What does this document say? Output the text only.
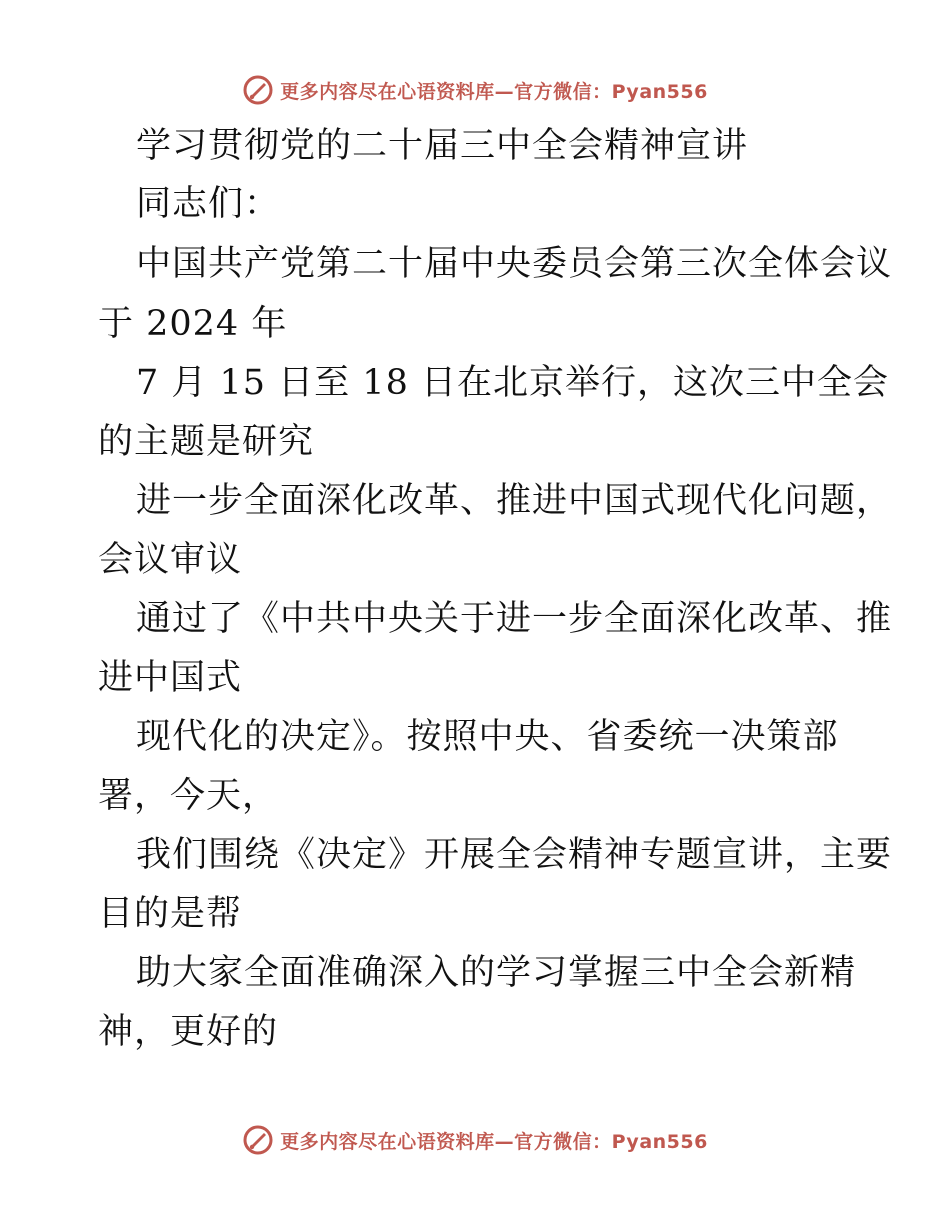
更多内容尽在心语资料库—官方微信：Pyan556
学习贯彻党的二十届三中全会精神宣讲
同志们：
中国共产党第二十届中央委员会第三次全体会议
于 2024 年
7 月 15 日至 18 日在北京举行，这次三中全会
的主题是研究
进一步全面深化改革、推进中国式现代化问题，
会议审议
通过了《中共中央关于进一步全面深化改革、推
进中国式
现代化的决定》。按照中央、省委统一决策部
署，今天，
我们围绕《决定》开展全会精神专题宣讲，主要
目的是帮
助大家全面准确深入的学习掌握三中全会新精
神，更好的
更多内容尽在心语资料库—官方微信：Pyan556
